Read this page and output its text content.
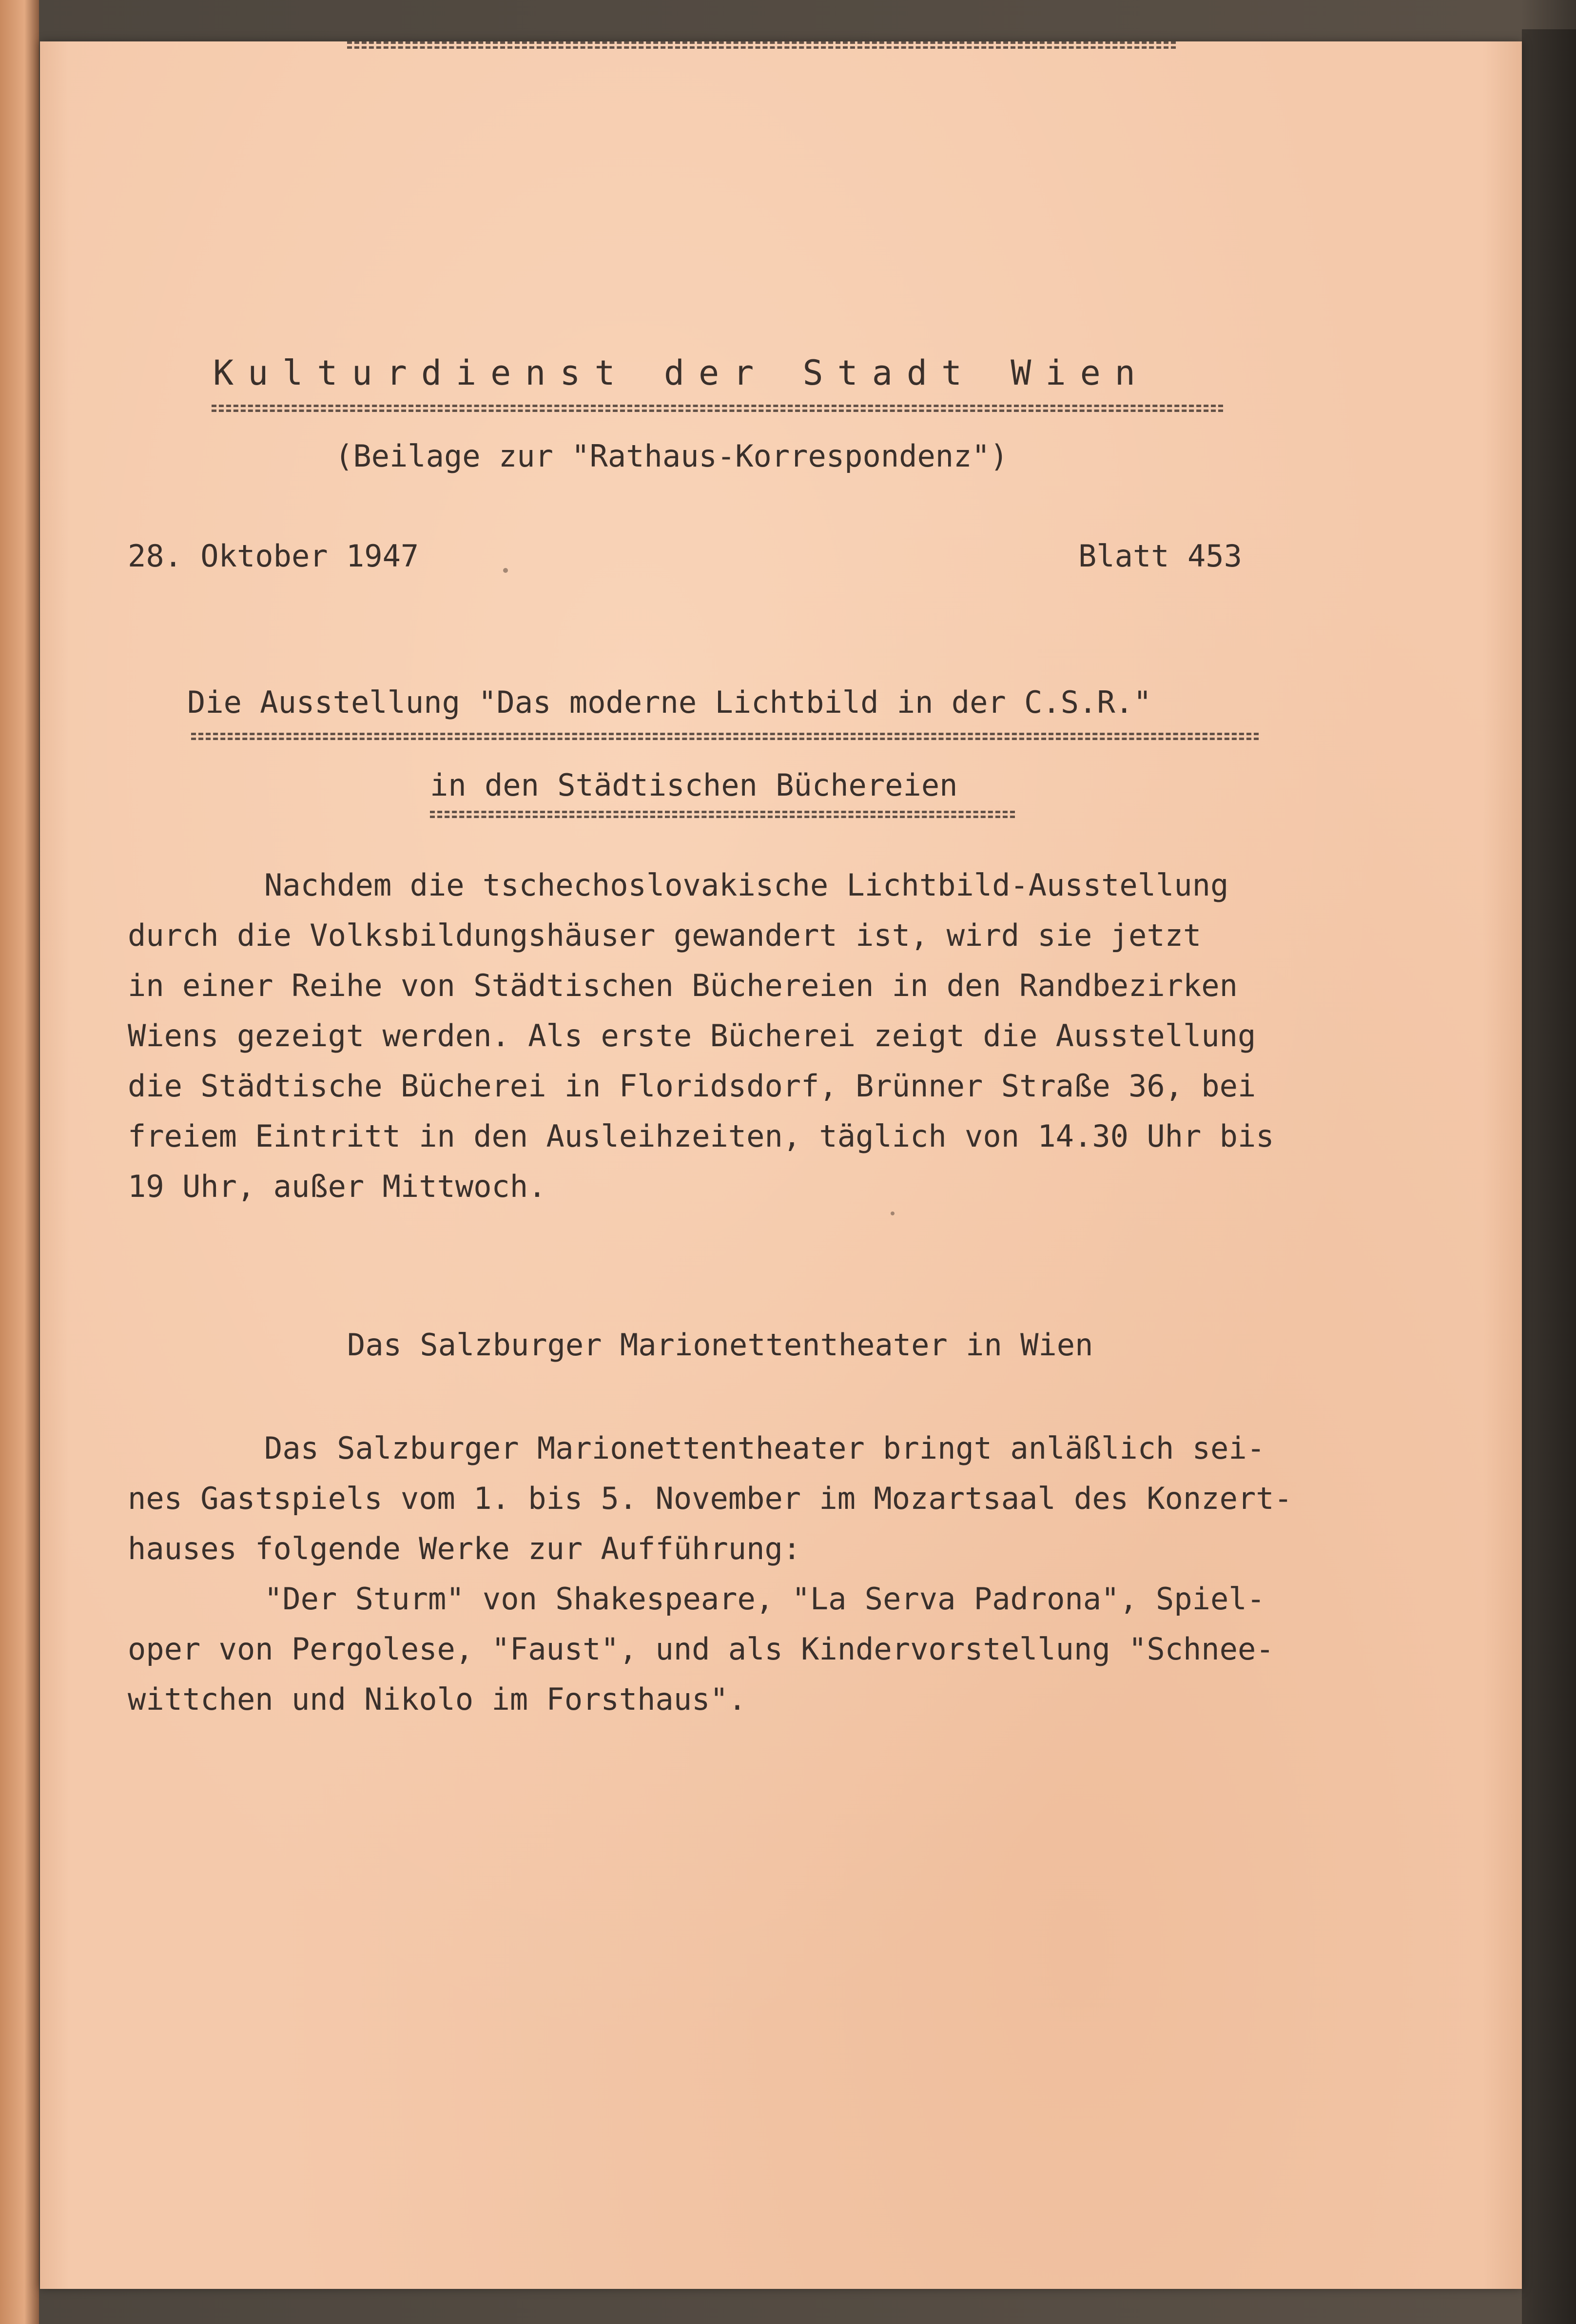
Kulturdienst der Stadt Wien
(Beilage zur "Rathaus-Korrespondenz")
28. Oktober 1947	Blatt 453
Die Ausstellung "Das moderne Lichtbild in der C.S.R."
in den Städtischen Büchereien
Nachdem die tschechoslovakische Lichtbild-Ausstellung
durch die Volksbildungshäuser gewandert ist, wird sie jetzt
in einer Reihe von Städtischen Büchereien in den Randbezirken
Wiens gezeigt werden. Als erste Bücherei zeigt die Ausstellung
die Städtische Bücherei in Floridsdorf, Brünner Straße 36, bei
freiem Eintritt in den Ausleihzeiten, täglich von 14.30 Uhr bis
19 Uhr, außer Mittwoch.
Das Salzburger Marionettentheater in Wien
Das Salzburger Marionettentheater bringt anläßlich sei-
nes Gastspiels vom 1. bis 5. November im Mozartsaal des Konzert-
hauses folgende Werke zur Aufführung:
"Der Sturm" von Shakespeare, "La Serva Padrona", Spiel-
oper von Pergolese, "Faust", und als Kindervorstellung "Schnee-
wittchen und Nikolo im Forsthaus".
